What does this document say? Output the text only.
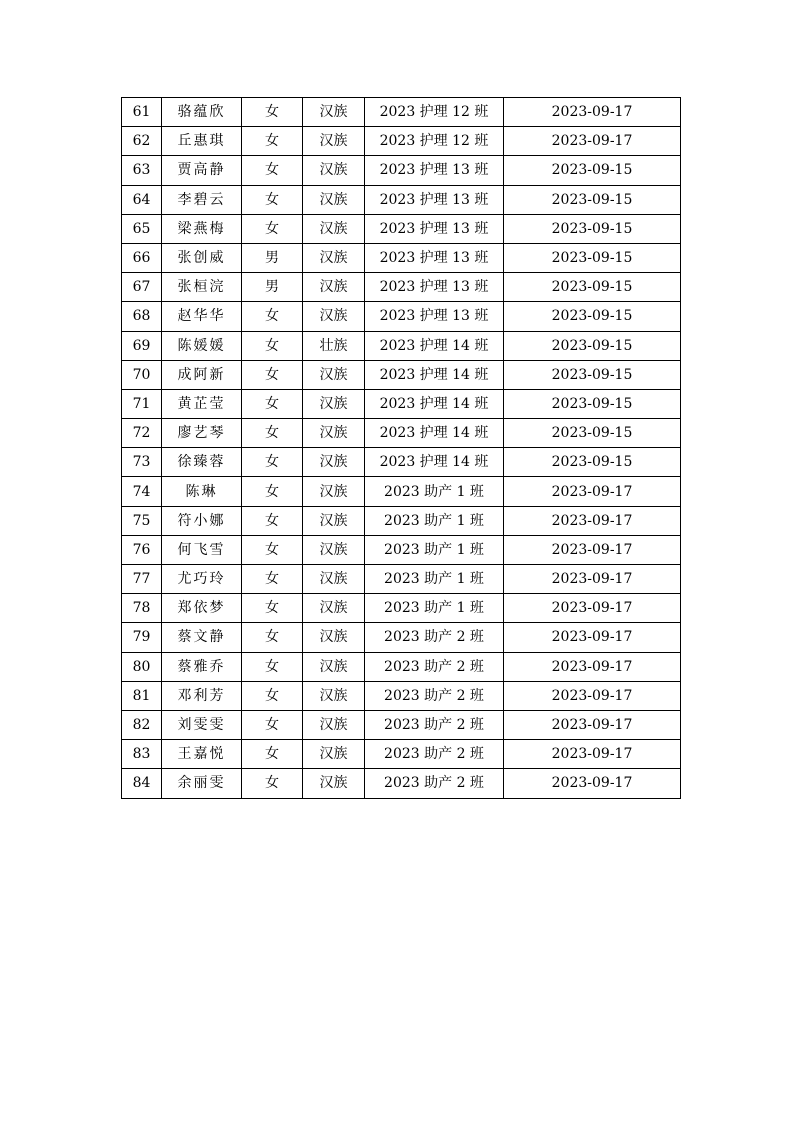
61	骆蕴欣	女	汉族	2023 护理 12 班	2023-09-17
62	丘惠琪	女	汉族	2023 护理 12 班	2023-09-17
63	贾高静	女	汉族	2023 护理 13 班	2023-09-15
64	李碧云	女	汉族	2023 护理 13 班	2023-09-15
65	梁燕梅	女	汉族	2023 护理 13 班	2023-09-15
66	张创威	男	汉族	2023 护理 13 班	2023-09-15
67	张桓浣	男	汉族	2023 护理 13 班	2023-09-15
68	赵华华	女	汉族	2023 护理 13 班	2023-09-15
69	陈媛媛	女	壮族	2023 护理 14 班	2023-09-15
70	成阿新	女	汉族	2023 护理 14 班	2023-09-15
71	黄芷莹	女	汉族	2023 护理 14 班	2023-09-15
72	廖艺琴	女	汉族	2023 护理 14 班	2023-09-15
73	徐臻蓉	女	汉族	2023 护理 14 班	2023-09-15
74	陈琳	女	汉族	2023 助产 1 班	2023-09-17
75	符小娜	女	汉族	2023 助产 1 班	2023-09-17
76	何飞雪	女	汉族	2023 助产 1 班	2023-09-17
77	尤巧玲	女	汉族	2023 助产 1 班	2023-09-17
78	郑依梦	女	汉族	2023 助产 1 班	2023-09-17
79	蔡文静	女	汉族	2023 助产 2 班	2023-09-17
80	蔡雅乔	女	汉族	2023 助产 2 班	2023-09-17
81	邓利芳	女	汉族	2023 助产 2 班	2023-09-17
82	刘雯雯	女	汉族	2023 助产 2 班	2023-09-17
83	王嘉悦	女	汉族	2023 助产 2 班	2023-09-17
84	余丽雯	女	汉族	2023 助产 2 班	2023-09-17
